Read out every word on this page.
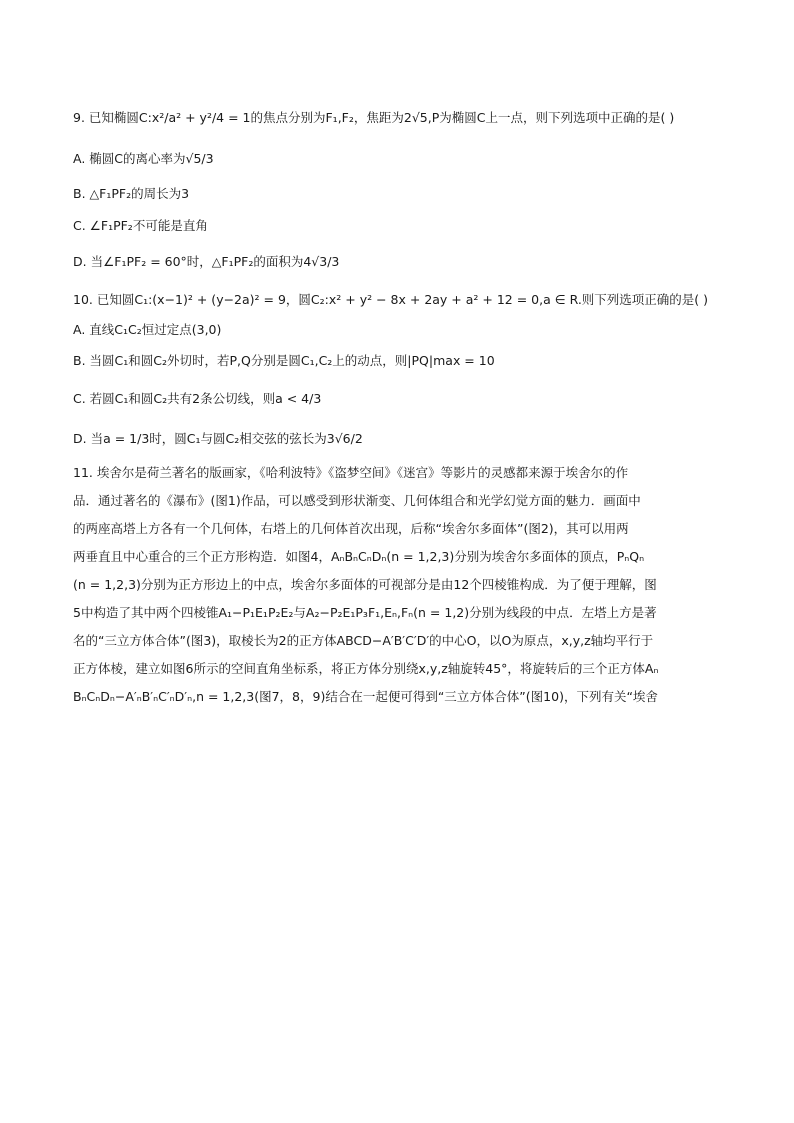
9. 已知椭圆C:x²/a² + y²/4 = 1的焦点分别为F₁,F₂，焦距为2√5,P为椭圆C上一点，则下列选项中正确的是( )
A. 椭圆C的离心率为√5/3
B. △F₁PF₂的周长为3
C. ∠F₁PF₂不可能是直角
D. 当∠F₁PF₂ = 60°时，△F₁PF₂的面积为4√3/3
10. 已知圆C₁:(x−1)² + (y−2a)² = 9，圆C₂:x² + y² − 8x + 2ay + a² + 12 = 0,a ∈ R.则下列选项正确的是( )
A. 直线C₁C₂恒过定点(3,0)
B. 当圆C₁和圆C₂外切时，若P,Q分别是圆C₁,C₂上的动点，则|PQ|max = 10
C. 若圆C₁和圆C₂共有2条公切线，则a < 4/3
D. 当a = 1/3时，圆C₁与圆C₂相交弦的弦长为3√6/2
11. 埃舍尔是荷兰著名的版画家，《哈利波特》《盗梦空间》《迷宫》等影片的灵感都来源于埃舍尔的作
品．通过著名的《瀑布》(图1)作品，可以感受到形状渐变、几何体组合和光学幻觉方面的魅力．画面中
的两座高塔上方各有一个几何体，右塔上的几何体首次出现，后称“埃舍尔多面体”(图2)，其可以用两
两垂直且中心重合的三个正方形构造．如图4，AₙBₙCₙDₙ(n = 1,2,3)分别为埃舍尔多面体的顶点，PₙQₙ
(n = 1,2,3)分别为正方形边上的中点，埃舍尔多面体的可视部分是由12个四棱锥构成．为了便于理解，图
5中构造了其中两个四棱锥A₁−P₁E₁P₂E₂与A₂−P₂E₁P₃F₁,Eₙ,Fₙ(n = 1,2)分别为线段的中点．左塔上方是著
名的“三立方体合体”(图3)，取棱长为2的正方体ABCD−A′B′C′D′的中心O，以O为原点，x,y,z轴均平行于
正方体棱，建立如图6所示的空间直角坐标系，将正方体分别绕x,y,z轴旋转45°，将旋转后的三个正方体Aₙ
BₙCₙDₙ−A′ₙB′ₙC′ₙD′ₙ,n = 1,2,3(图7，8，9)结合在一起便可得到“三立方体合体”(图10)，下列有关“埃舍
